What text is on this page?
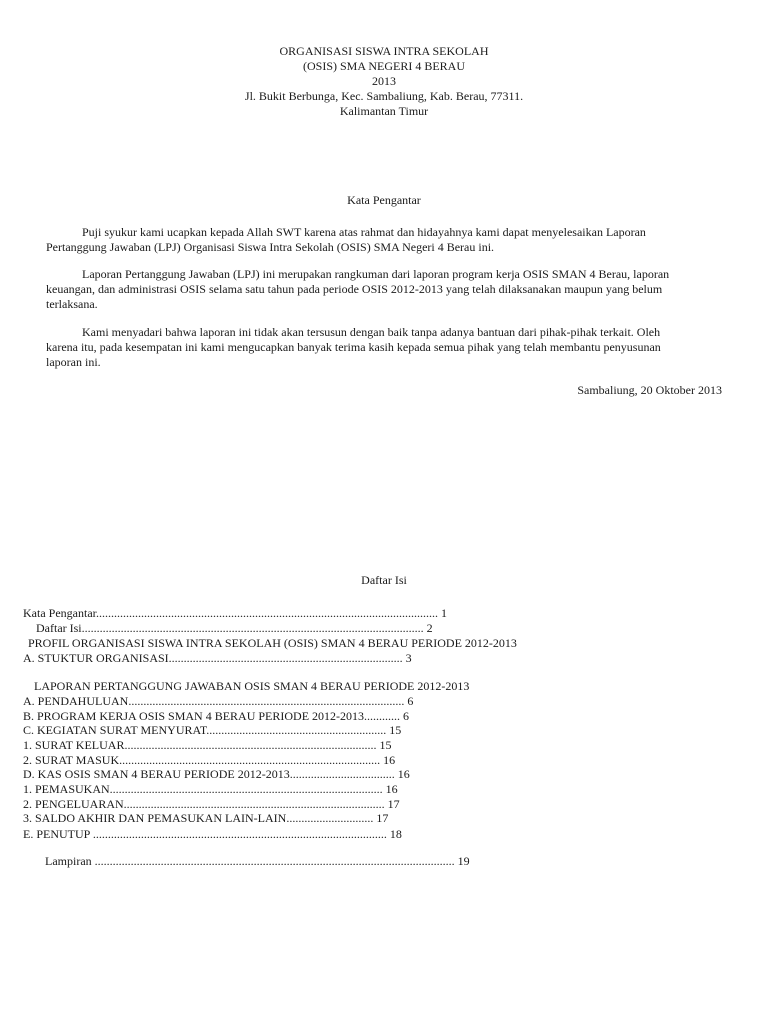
ORGANISASI SISWA INTRA SEKOLAH
(OSIS) SMA NEGERI 4 BERAU
2013
Jl. Bukit Berbunga, Kec. Sambaliung, Kab. Berau, 77311.
Kalimantan Timur
Kata Pengantar
Puji syukur kami ucapkan kepada Allah SWT karena atas rahmat dan hidayahnya kami dapat menyelesaikan Laporan
Pertanggung Jawaban (LPJ) Organisasi Siswa Intra Sekolah (OSIS) SMA Negeri 4 Berau ini.
Laporan Pertanggung Jawaban (LPJ) ini merupakan rangkuman dari laporan program kerja OSIS SMAN 4 Berau, laporan
keuangan, dan administrasi OSIS selama satu tahun pada periode OSIS 2012-2013 yang telah dilaksanakan maupun yang belum
terlaksana.
Kami menyadari bahwa laporan ini tidak akan tersusun dengan baik tanpa adanya bantuan dari pihak-pihak terkait. Oleh
karena itu, pada kesempatan ini kami mengucapkan banyak terima kasih kepada semua pihak yang telah membantu penyusunan
laporan ini.
Sambaliung, 20 Oktober 2013
Daftar Isi
Kata Pengantar.................................................................................................................. 1
Daftar Isi.................................................................................................................. 2
PROFIL ORGANISASI SISWA INTRA SEKOLAH (OSIS) SMAN 4 BERAU PERIODE 2012-2013
A. STUKTUR ORGANISASI.............................................................................. 3
LAPORAN PERTANGGUNG JAWABAN OSIS SMAN 4 BERAU PERIODE 2012-2013
A. PENDAHULUAN............................................................................................ 6
B. PROGRAM KERJA OSIS SMAN 4 BERAU PERIODE 2012-2013............ 6
C. KEGIATAN SURAT MENYURAT............................................................ 15
1. SURAT KELUAR.................................................................................... 15
2. SURAT MASUK....................................................................................... 16
D. KAS OSIS SMAN 4 BERAU PERIODE 2012-2013................................... 16
1. PEMASUKAN........................................................................................... 16
2. PENGELUARAN....................................................................................... 17
3. SALDO AKHIR DAN PEMASUKAN LAIN-LAIN............................. 17
E. PENUTUP .................................................................................................. 18
Lampiran ........................................................................................................................ 19
